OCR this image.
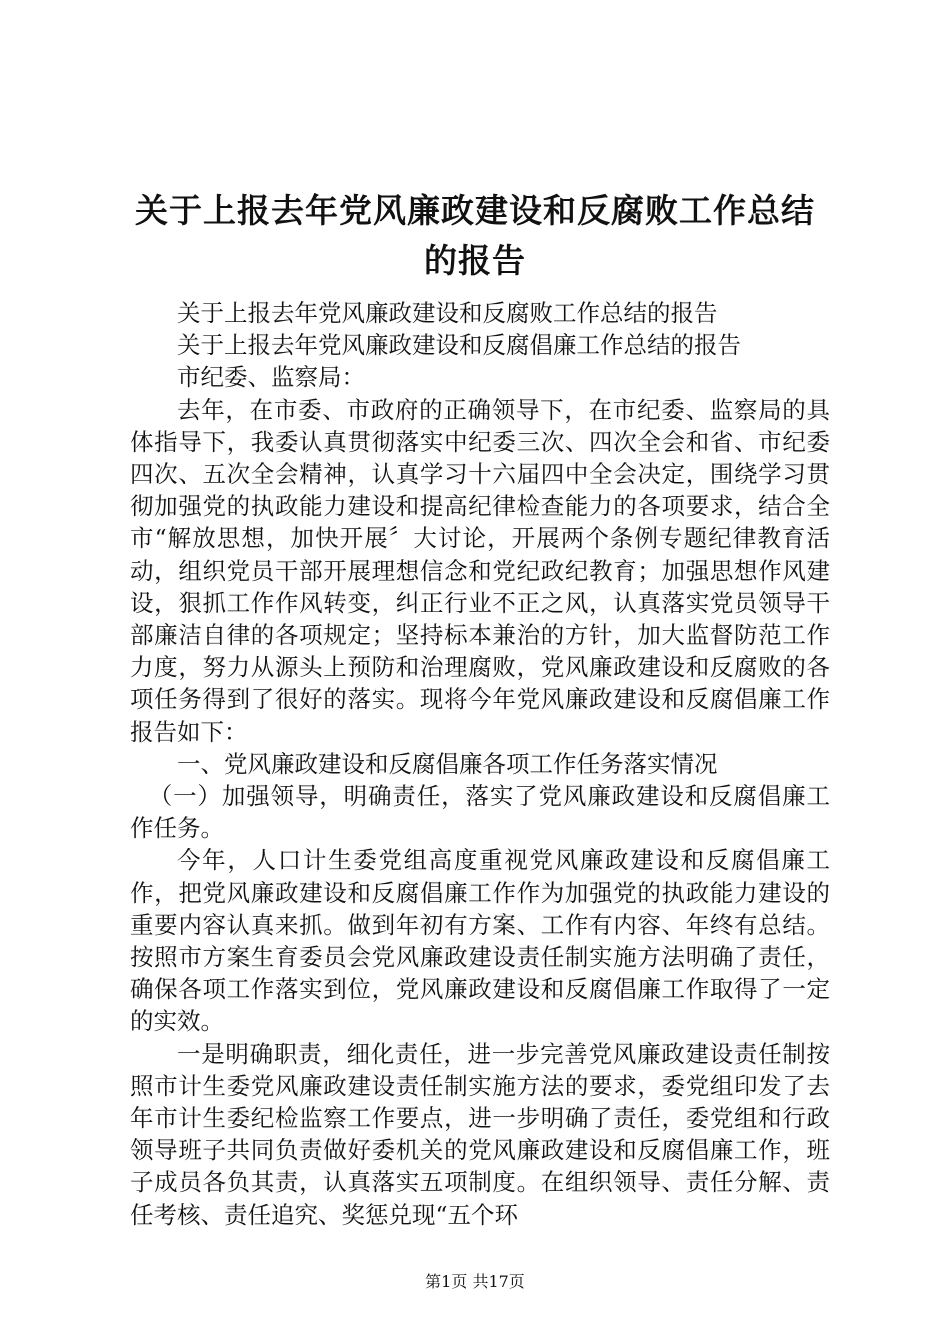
关于上报去年党风廉政建设和反腐败工作总结
的报告

关于上报去年党风廉政建设和反腐败工作总结的报告

关于上报去年党风廉政建设和反腐倡廉工作总结的报告

市纪委、监察局：

去年，在市委、市政府的正确领导下，在市纪委、监察局的具体指导下，我委认真贯彻落实中纪委三次、四次全会和省、市纪委四次、五次全会精神，认真学习十六届四中全会决定，围绕学习贯彻加强党的执政能力建设和提高纪律检查能力的各项要求，结合全市“解放思想，加快开展〞大讨论，开展两个条例专题纪律教育活动，组织党员干部开展理想信念和党纪政纪教育；加强思想作风建设，狠抓工作作风转变，纠正行业不正之风，认真落实党员领导干部廉洁自律的各项规定；坚持标本兼治的方针，加大监督防范工作力度，努力从源头上预防和治理腐败，党风廉政建设和反腐败的各项任务得到了很好的落实。现将今年党风廉政建设和反腐倡廉工作报告如下：

一、党风廉政建设和反腐倡廉各项工作任务落实情况

（一）加强领导，明确责任，落实了党风廉政建设和反腐倡廉工作任务。

今年，人口计生委党组高度重视党风廉政建设和反腐倡廉工作，把党风廉政建设和反腐倡廉工作作为加强党的执政能力建设的重要内容认真来抓。做到年初有方案、工作有内容、年终有总结。按照市方案生育委员会党风廉政建设责任制实施方法明确了责任，确保各项工作落实到位，党风廉政建设和反腐倡廉工作取得了一定的实效。

一是明确职责，细化责任，进一步完善党风廉政建设责任制按照市计生委党风廉政建设责任制实施方法的要求，委党组印发了去年市计生委纪检监察工作要点，进一步明确了责任，委党组和行政领导班子共同负责做好委机关的党风廉政建设和反腐倡廉工作，班子成员各负其责，认真落实五项制度。在组织领导、责任分解、责任考核、责任追究、奖惩兑现“五个环

第1页 共17页
